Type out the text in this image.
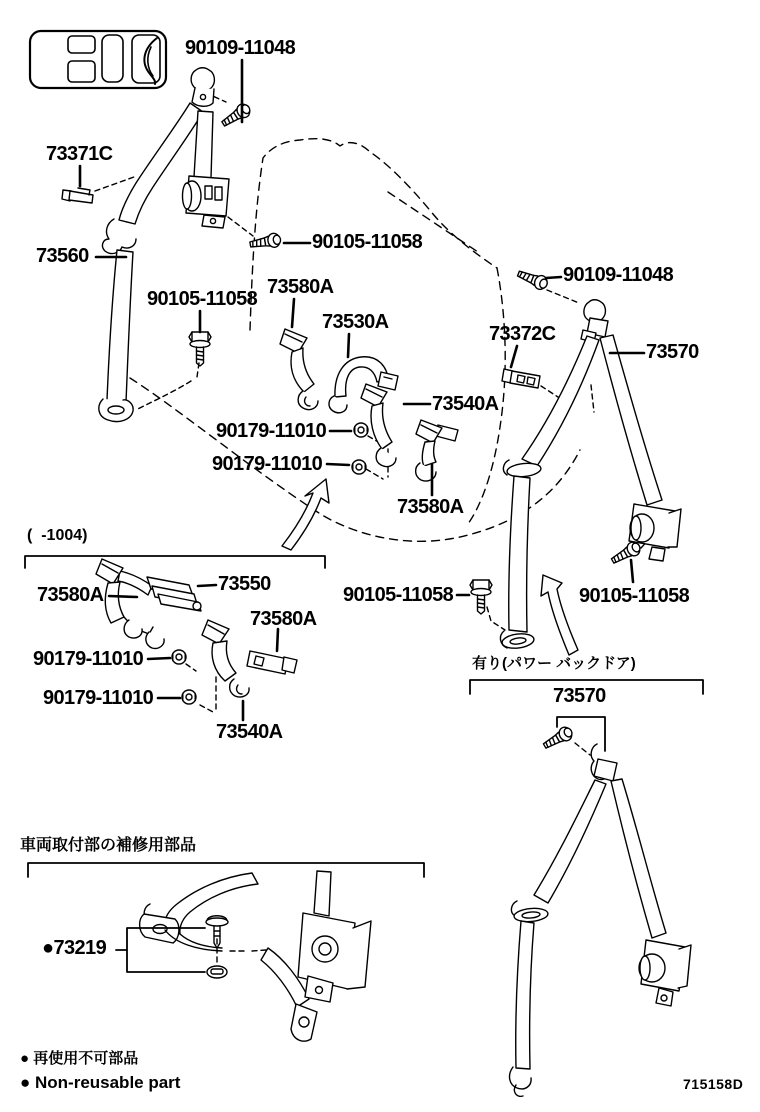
90109-11048
73371C
73560
90105-11058
90105-11058
73580A
73530A
90109-11048
73372C
73570
73540A
90179-11010
90179-11010
73580A
(  -1004)
73580A	73550
73580A
90179-11010
90179-11010
73540A
90105-11058	90105-11058
有り(パワー バックドア)
73570
車両取付部の補修用部品
●73219
● 再使用不可部品
● Non-reusable part	715158D
